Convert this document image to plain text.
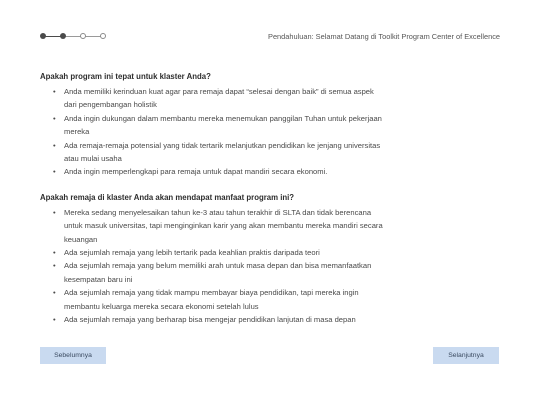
Pendahuluan: Selamat Datang di Toolkit Program Center of Excellence
Apakah program ini tepat untuk klaster Anda?
• Anda memiliki kerinduan kuat agar para remaja dapat “selesai dengan baik” di semua aspek dari pengembangan holistik
• Anda ingin dukungan dalam membantu mereka menemukan panggilan Tuhan untuk pekerjaan mereka
• Ada remaja-remaja potensial yang tidak tertarik melanjutkan pendidikan ke jenjang universitas atau mulai usaha
• Anda ingin memperlengkapi para remaja untuk dapat mandiri secara ekonomi.
Apakah remaja di klaster Anda akan mendapat manfaat program ini?
• Mereka sedang menyelesaikan tahun ke-3 atau tahun terakhir di SLTA dan tidak berencana untuk masuk universitas, tapi menginginkan karir yang akan membantu mereka mandiri secara keuangan
• Ada sejumlah remaja yang lebih tertarik pada keahlian praktis daripada teori
• Ada sejumlah remaja yang belum memiliki arah untuk masa depan dan bisa memanfaatkan kesempatan baru ini
• Ada sejumlah remaja yang tidak mampu membayar biaya pendidikan, tapi mereka ingin membantu keluarga mereka secara ekonomi setelah lulus
• Ada sejumlah remaja yang berharap bisa mengejar pendidikan lanjutan di masa depan
Sebelumnya	Selanjutnya
